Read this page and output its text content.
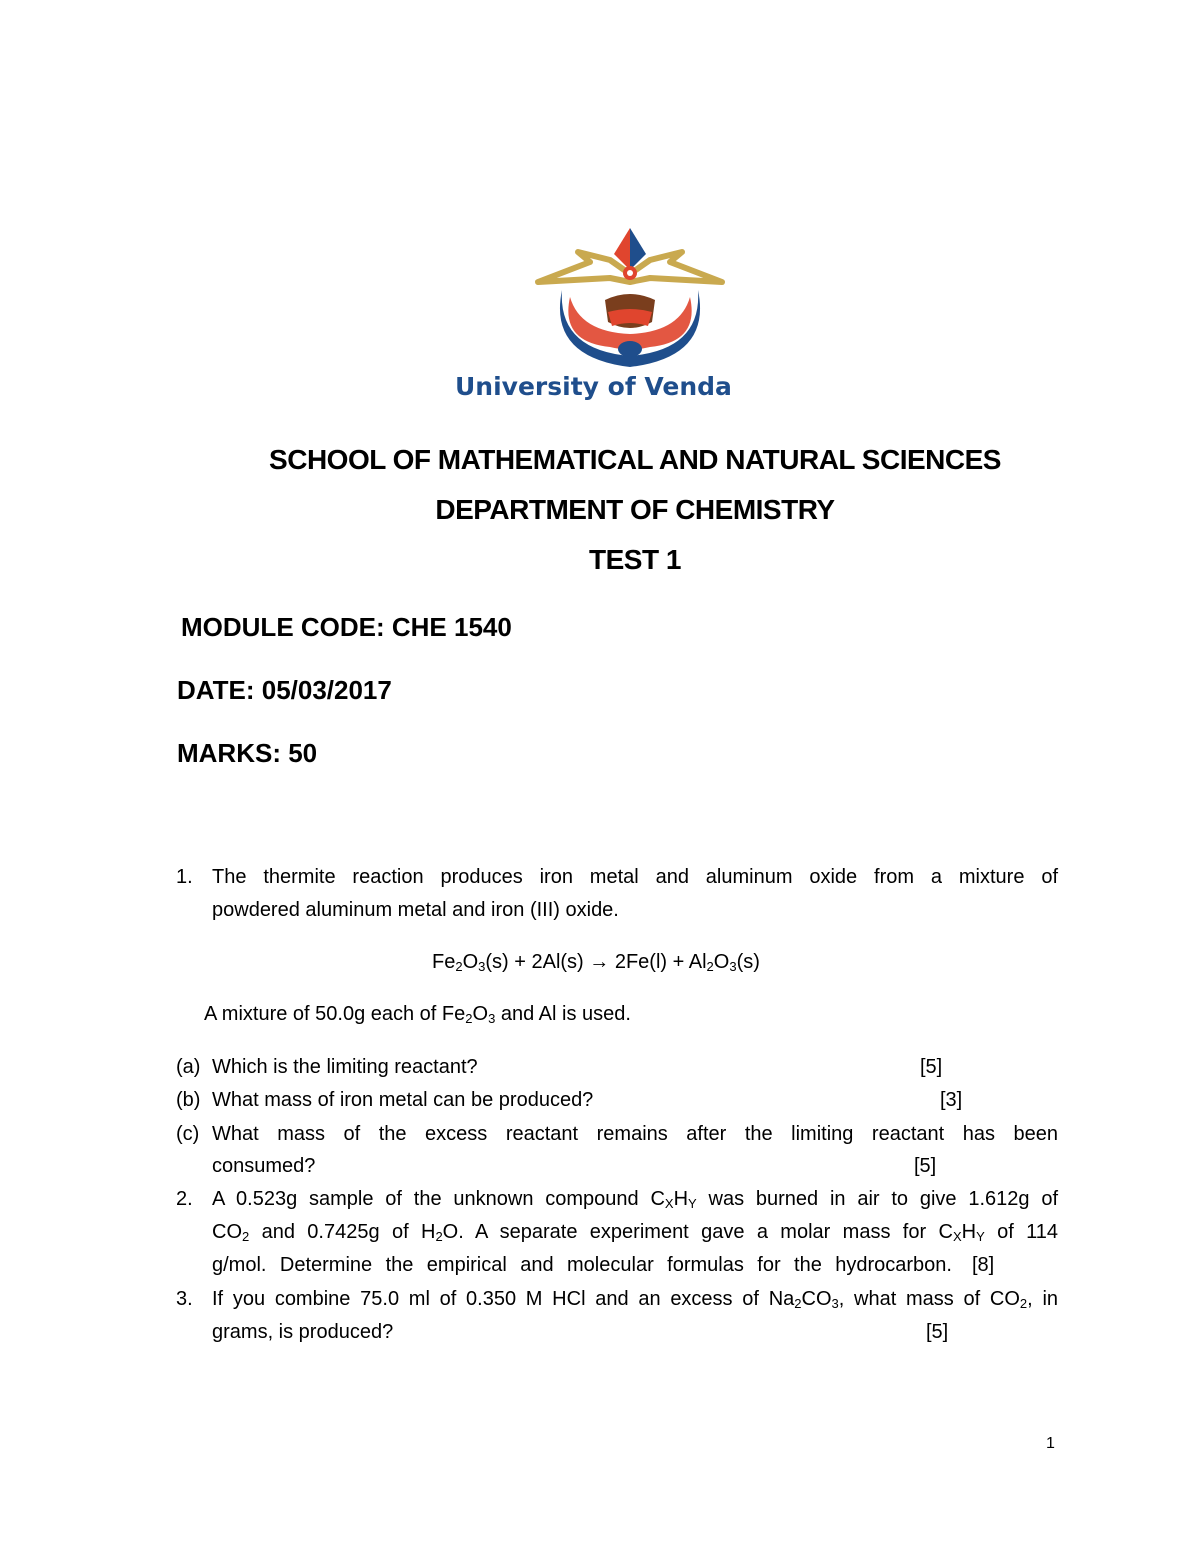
University of Venda
SCHOOL OF MATHEMATICAL AND NATURAL SCIENCES
DEPARTMENT OF CHEMISTRY
TEST 1
MODULE CODE: CHE 1540
DATE: 05/03/2017
MARKS: 50
1. The thermite reaction produces iron metal and aluminum oxide from a mixture of
powdered aluminum metal and iron (III) oxide.
$Fe_2O_3(s) + 2Al(s) \to 2Fe(l) + Al_2O_3(s)$
A mixture of 50.0g each of $Fe_2O_3$ and Al is used.
(a) Which is the limiting reactant?	[5]
(b) What mass of iron metal can be produced?	[3]
(c) What mass of the excess reactant remains after the limiting reactant has been
consumed?	[5]
2. A 0.523g sample of the unknown compound $C_XH_Y$ was burned in air to give 1.612g of
$CO_2$ and 0.7425g of $H_2O$. A separate experiment gave a molar mass for $C_XH_Y$ of 114
g/mol. Determine the empirical and molecular formulas for the hydrocarbon. [8]
3. If you combine 75.0 ml of 0.350 M HCl and an excess of $Na_2CO_3$, what mass of $CO_2$, in
grams, is produced?	[5]
1
